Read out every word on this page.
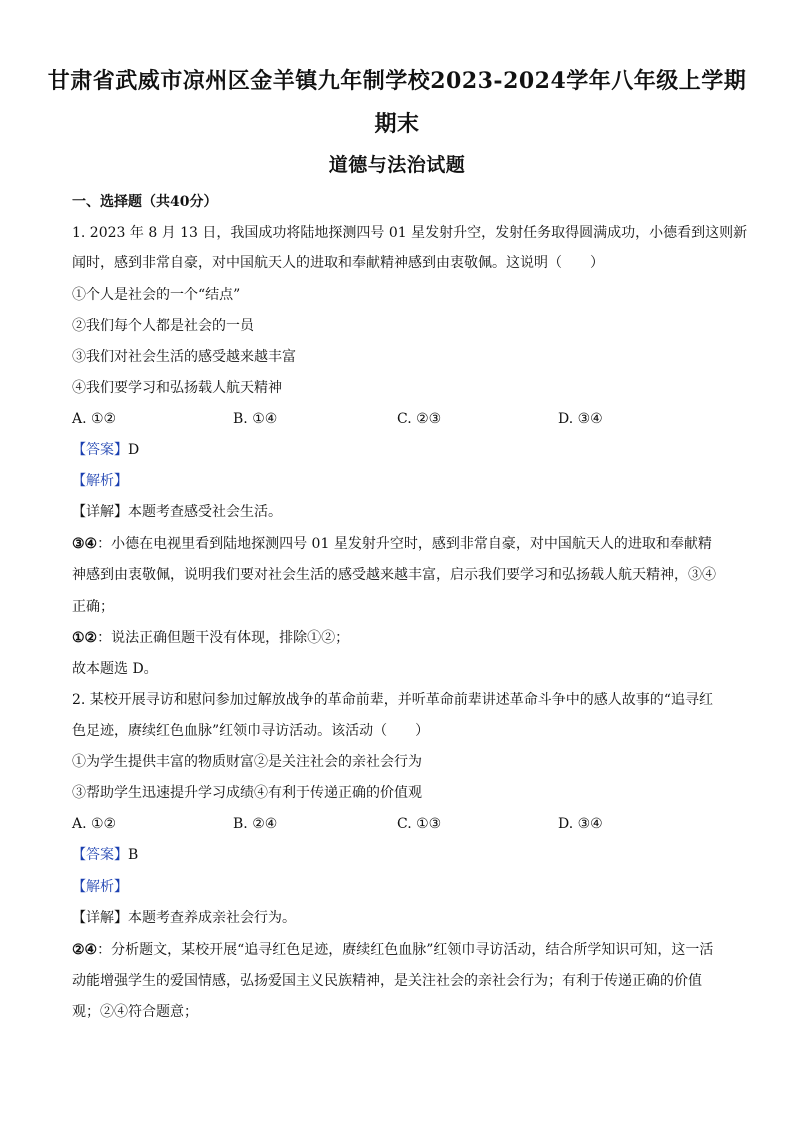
甘肃省武威市凉州区金羊镇九年制学校2023-2024学年八年级上学期
期末
道德与法治试题
一、选择题（共40分）
1. 2023 年 8 月 13 日，我国成功将陆地探测四号 01 星发射升空，发射任务取得圆满成功，小德看到这则新
闻时，感到非常自豪，对中国航天人的进取和奉献精神感到由衷敬佩。这说明（　　）
①个人是社会的一个“结点”
②我们每个人都是社会的一员
③我们对社会生活的感受越来越丰富
④我们要学习和弘扬载人航天精神
A. ①②	B. ①④	C. ②③	D. ③④
【答案】D
【解析】
【详解】本题考查感受社会生活。
③④：小德在电视里看到陆地探测四号 01 星发射升空时，感到非常自豪，对中国航天人的进取和奉献精
神感到由衷敬佩，说明我们要对社会生活的感受越来越丰富，启示我们要学习和弘扬载人航天精神，③④
正确；
①②：说法正确但题干没有体现，排除①②；
故本题选 D。
2. 某校开展寻访和慰问参加过解放战争的革命前辈，并听革命前辈讲述革命斗争中的感人故事的“追寻红
色足迹，赓续红色血脉”红领巾寻访活动。该活动（　　）
①为学生提供丰富的物质财富②是关注社会的亲社会行为
③帮助学生迅速提升学习成绩④有利于传递正确的价值观
A. ①②	B. ②④	C. ①③	D. ③④
【答案】B
【解析】
【详解】本题考查养成亲社会行为。
②④：分析题文，某校开展“追寻红色足迹，赓续红色血脉”红领巾寻访活动，结合所学知识可知，这一活
动能增强学生的爱国情感，弘扬爱国主义民族精神，是关注社会的亲社会行为；有利于传递正确的价值
观；②④符合题意；
